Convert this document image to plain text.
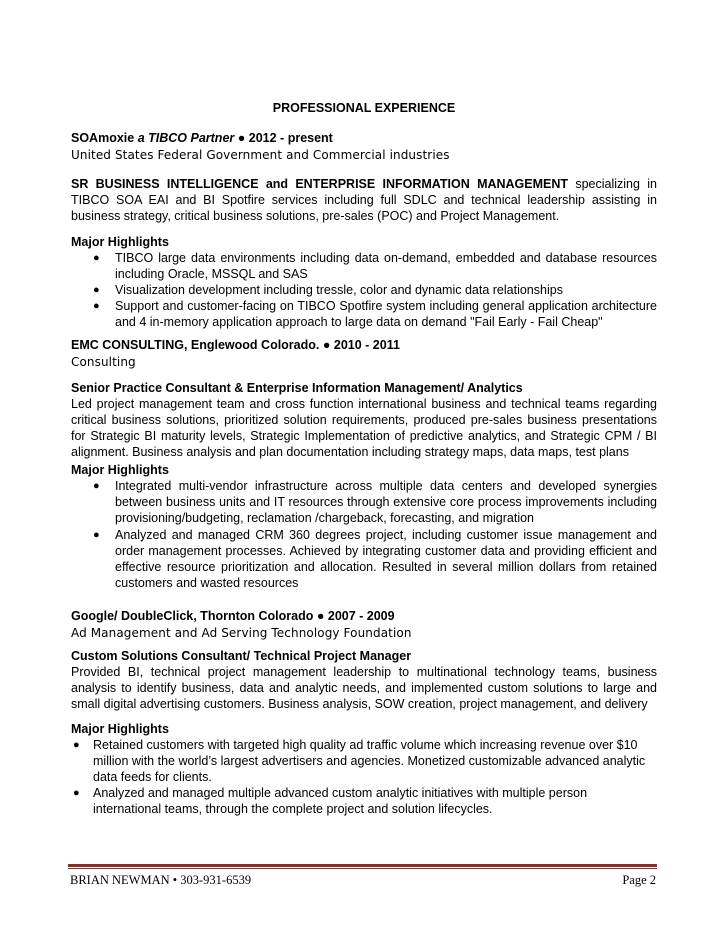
PROFESSIONAL EXPERIENCE
SOAmoxie a TIBCO Partner ● 2012 - present
United States Federal Government and Commercial industries
SR BUSINESS INTELLIGENCE and ENTERPRISE INFORMATION MANAGEMENT specializing in TIBCO SOA EAI and BI Spotfire services including full SDLC and technical leadership assisting in business strategy, critical business solutions, pre-sales (POC) and Project Management.
Major Highlights
● TIBCO large data environments including data on-demand, embedded and database resources including Oracle, MSSQL and SAS
● Visualization development including tressle, color and dynamic data relationships
● Support and customer-facing on TIBCO Spotfire system including general application architecture and 4 in-memory application approach to large data on demand "Fail Early - Fail Cheap"
EMC CONSULTING, Englewood Colorado. ● 2010 - 2011
Consulting
Senior Practice Consultant & Enterprise Information Management/ Analytics
Led project management team and cross function international business and technical teams regarding critical business solutions, prioritized solution requirements, produced pre-sales business presentations for Strategic BI maturity levels, Strategic Implementation of predictive analytics, and Strategic CPM / BI alignment. Business analysis and plan documentation including strategy maps, data maps, test plans
Major Highlights
● Integrated multi-vendor infrastructure across multiple data centers and developed synergies between business units and IT resources through extensive core process improvements including provisioning/budgeting, reclamation /chargeback, forecasting, and migration
● Analyzed and managed CRM 360 degrees project, including customer issue management and order management processes. Achieved by integrating customer data and providing efficient and effective resource prioritization and allocation. Resulted in several million dollars from retained customers and wasted resources
Google/ DoubleClick, Thornton Colorado ● 2007 - 2009
Ad Management and Ad Serving Technology Foundation
Custom Solutions Consultant/ Technical Project Manager
Provided BI, technical project management leadership to multinational technology teams, business analysis to identify business, data and analytic needs, and implemented custom solutions to large and small digital advertising customers. Business analysis, SOW creation, project management, and delivery
Major Highlights
● Retained customers with targeted high quality ad traffic volume which increasing revenue over $10 million with the world’s largest advertisers and agencies. Monetized customizable advanced analytic data feeds for clients.
● Analyzed and managed multiple advanced custom analytic initiatives with multiple person international teams, through the complete project and solution lifecycles.
BRIAN NEWMAN • 303-931-6539	Page 2
